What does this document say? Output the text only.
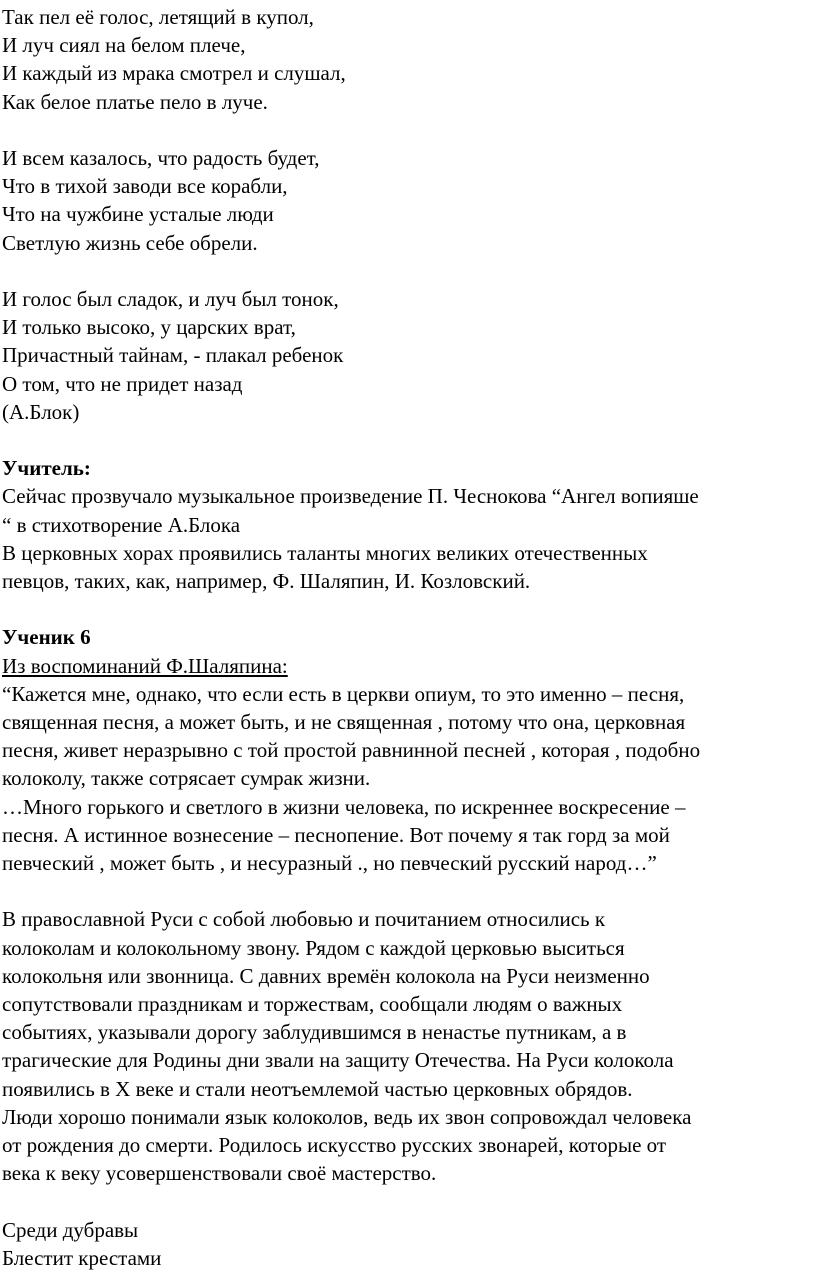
Так пел её голос, летящий в купол,
И луч сиял на белом плече,
И каждый из мрака смотрел и слушал,
Как белое платье пело в луче.
И всем казалось, что радость будет,
Что в тихой заводи все корабли,
Что на чужбине усталые люди
Светлую жизнь себе обрели.
И голос был сладок, и луч был тонок,
И только высоко, у царских врат,
Причастный тайнам, - плакал ребенок
О том, что не придет назад
(А.Блок)
Учитель:
Сейчас прозвучало музыкальное произведение П. Чеснокова “Ангел вопияше
“ в стихотворение А.Блока
В церковных хорах проявились таланты многих великих отечественных
певцов, таких, как, например, Ф. Шаляпин, И. Козловский.
Ученик 6
Из воспоминаний Ф.Шаляпина:
“Кажется мне, однако, что если есть в церкви опиум, то это именно – песня,
священная песня, а может быть, и не священная , потому что она, церковная
песня, живет неразрывно с той простой равнинной песней , которая , подобно
колоколу, также сотрясает сумрак жизни.
…Много горького и светлого в жизни человека, по искреннее воскресение –
песня. А истинное вознесение – песнопение. Вот почему я так горд за мой
певческий , может быть , и несуразный ., но певческий русский народ…”
В православной Руси с собой любовью и почитанием относились к
колоколам и колокольному звону. Рядом с каждой церковью выситься
колокольня или звонница. С давних времён колокола на Руси неизменно
сопутствовали праздникам и торжествам, сообщали людям о важных
событиях, указывали дорогу заблудившимся в ненастье путникам, а в
трагические для Родины дни звали на защиту Отечества. На Руси колокола
появились в X веке и стали неотъемлемой частью церковных обрядов.
Люди хорошо понимали язык колоколов, ведь их звон сопровождал человека
от рождения до смерти. Родилось искусство русских звонарей, которые от
века к веку усовершенствовали своё мастерство.
Среди дубравы
Блестит крестами
